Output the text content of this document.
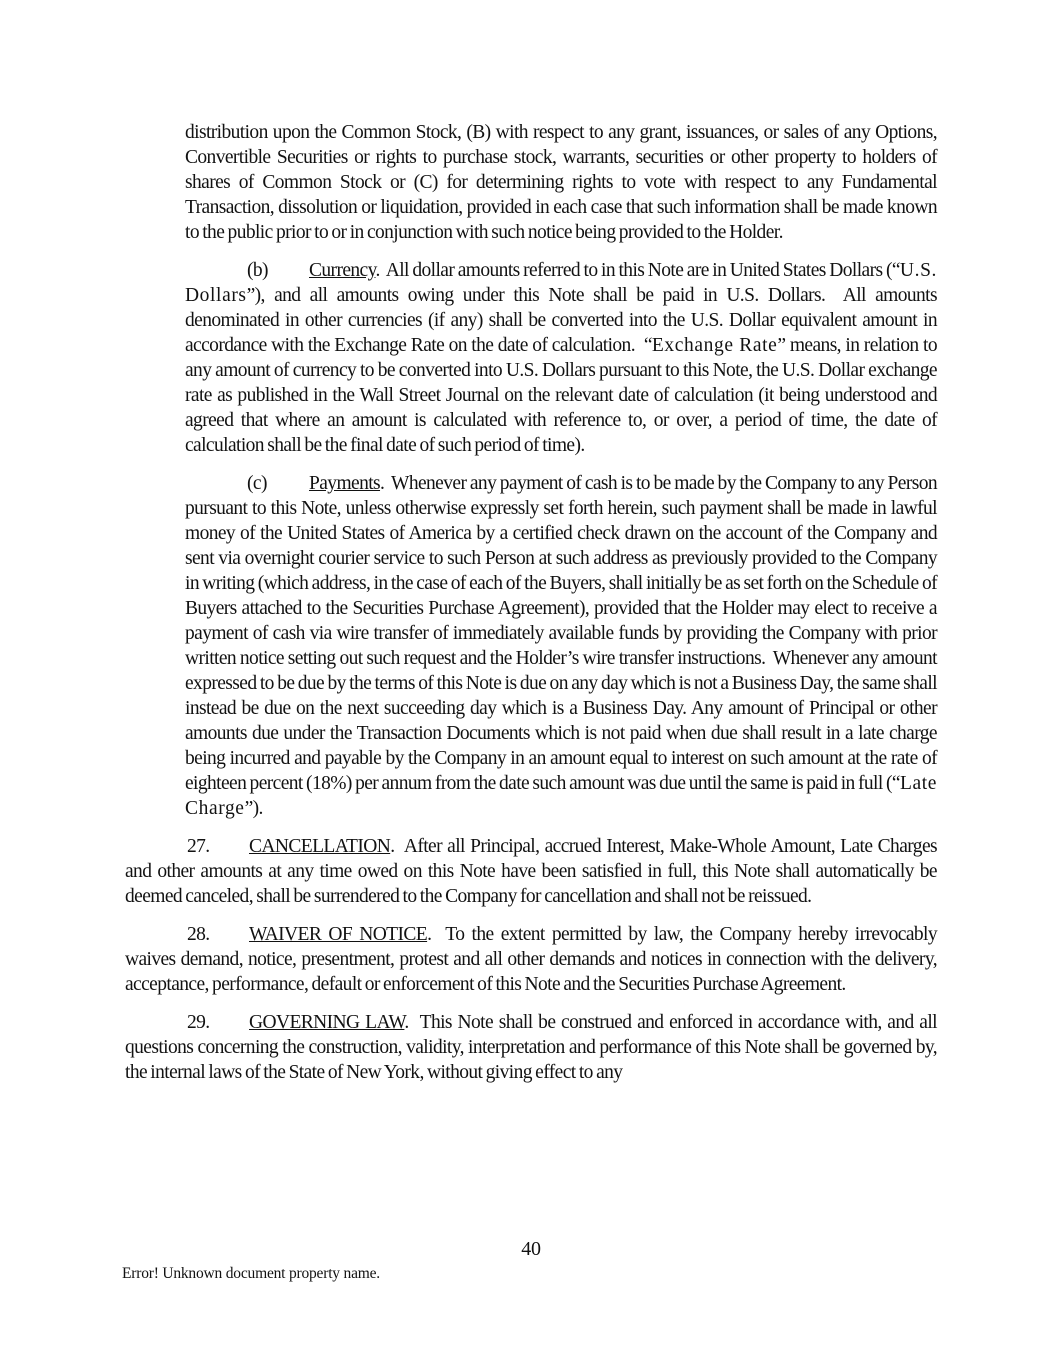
distribution upon the Common Stock, (B) with respect to any grant, issuances, or sales of any Options, Convertible Securities or rights to purchase stock, warrants, securities or other property to holders of shares of Common Stock or (C) for determining rights to vote with respect to any Fundamental Transaction, dissolution or liquidation, provided in each case that such information shall be made known to the public prior to or in conjunction with such notice being provided to the Holder.

(b) Currency.  All dollar amounts referred to in this Note are in United States Dollars (“U.S. Dollars”), and all amounts owing under this Note shall be paid in U.S. Dollars.  All amounts denominated in other currencies (if any) shall be converted into the U.S. Dollar equivalent amount in accordance with the Exchange Rate on the date of calculation.  “Exchange Rate” means, in relation to any amount of currency to be converted into U.S. Dollars pursuant to this Note, the U.S. Dollar exchange rate as published in the Wall Street Journal on the relevant date of calculation (it being understood and agreed that where an amount is calculated with reference to, or over, a period of time, the date of calculation shall be the final date of such period of time).

(c) Payments.  Whenever any payment of cash is to be made by the Company to any Person pursuant to this Note, unless otherwise expressly set forth herein, such payment shall be made in lawful money of the United States of America by a certified check drawn on the account of the Company and sent via overnight courier service to such Person at such address as previously provided to the Company in writing (which address, in the case of each of the Buyers, shall initially be as set forth on the Schedule of Buyers attached to the Securities Purchase Agreement), provided that the Holder may elect to receive a payment of cash via wire transfer of immediately available funds by providing the Company with prior written notice setting out such request and the Holder’s wire transfer instructions.  Whenever any amount expressed to be due by the terms of this Note is due on any day which is not a Business Day, the same shall instead be due on the next succeeding day which is a Business Day. Any amount of Principal or other amounts due under the Transaction Documents which is not paid when due shall result in a late charge being incurred and payable by the Company in an amount equal to interest on such amount at the rate of eighteen percent (18%) per annum from the date such amount was due until the same is paid in full (“Late Charge”).

27. CANCELLATION.  After all Principal, accrued Interest, Make-Whole Amount, Late Charges and other amounts at any time owed on this Note have been satisfied in full, this Note shall automatically be deemed canceled, shall be surrendered to the Company for cancellation and shall not be reissued.

28. WAIVER OF NOTICE.  To the extent permitted by law, the Company hereby irrevocably waives demand, notice, presentment, protest and all other demands and notices in connection with the delivery, acceptance, performance, default or enforcement of this Note and the Securities Purchase Agreement.

29. GOVERNING LAW.  This Note shall be construed and enforced in accordance with, and all questions concerning the construction, validity, interpretation and performance of this Note shall be governed by, the internal laws of the State of New York, without giving effect to any

40
Error! Unknown document property name.
